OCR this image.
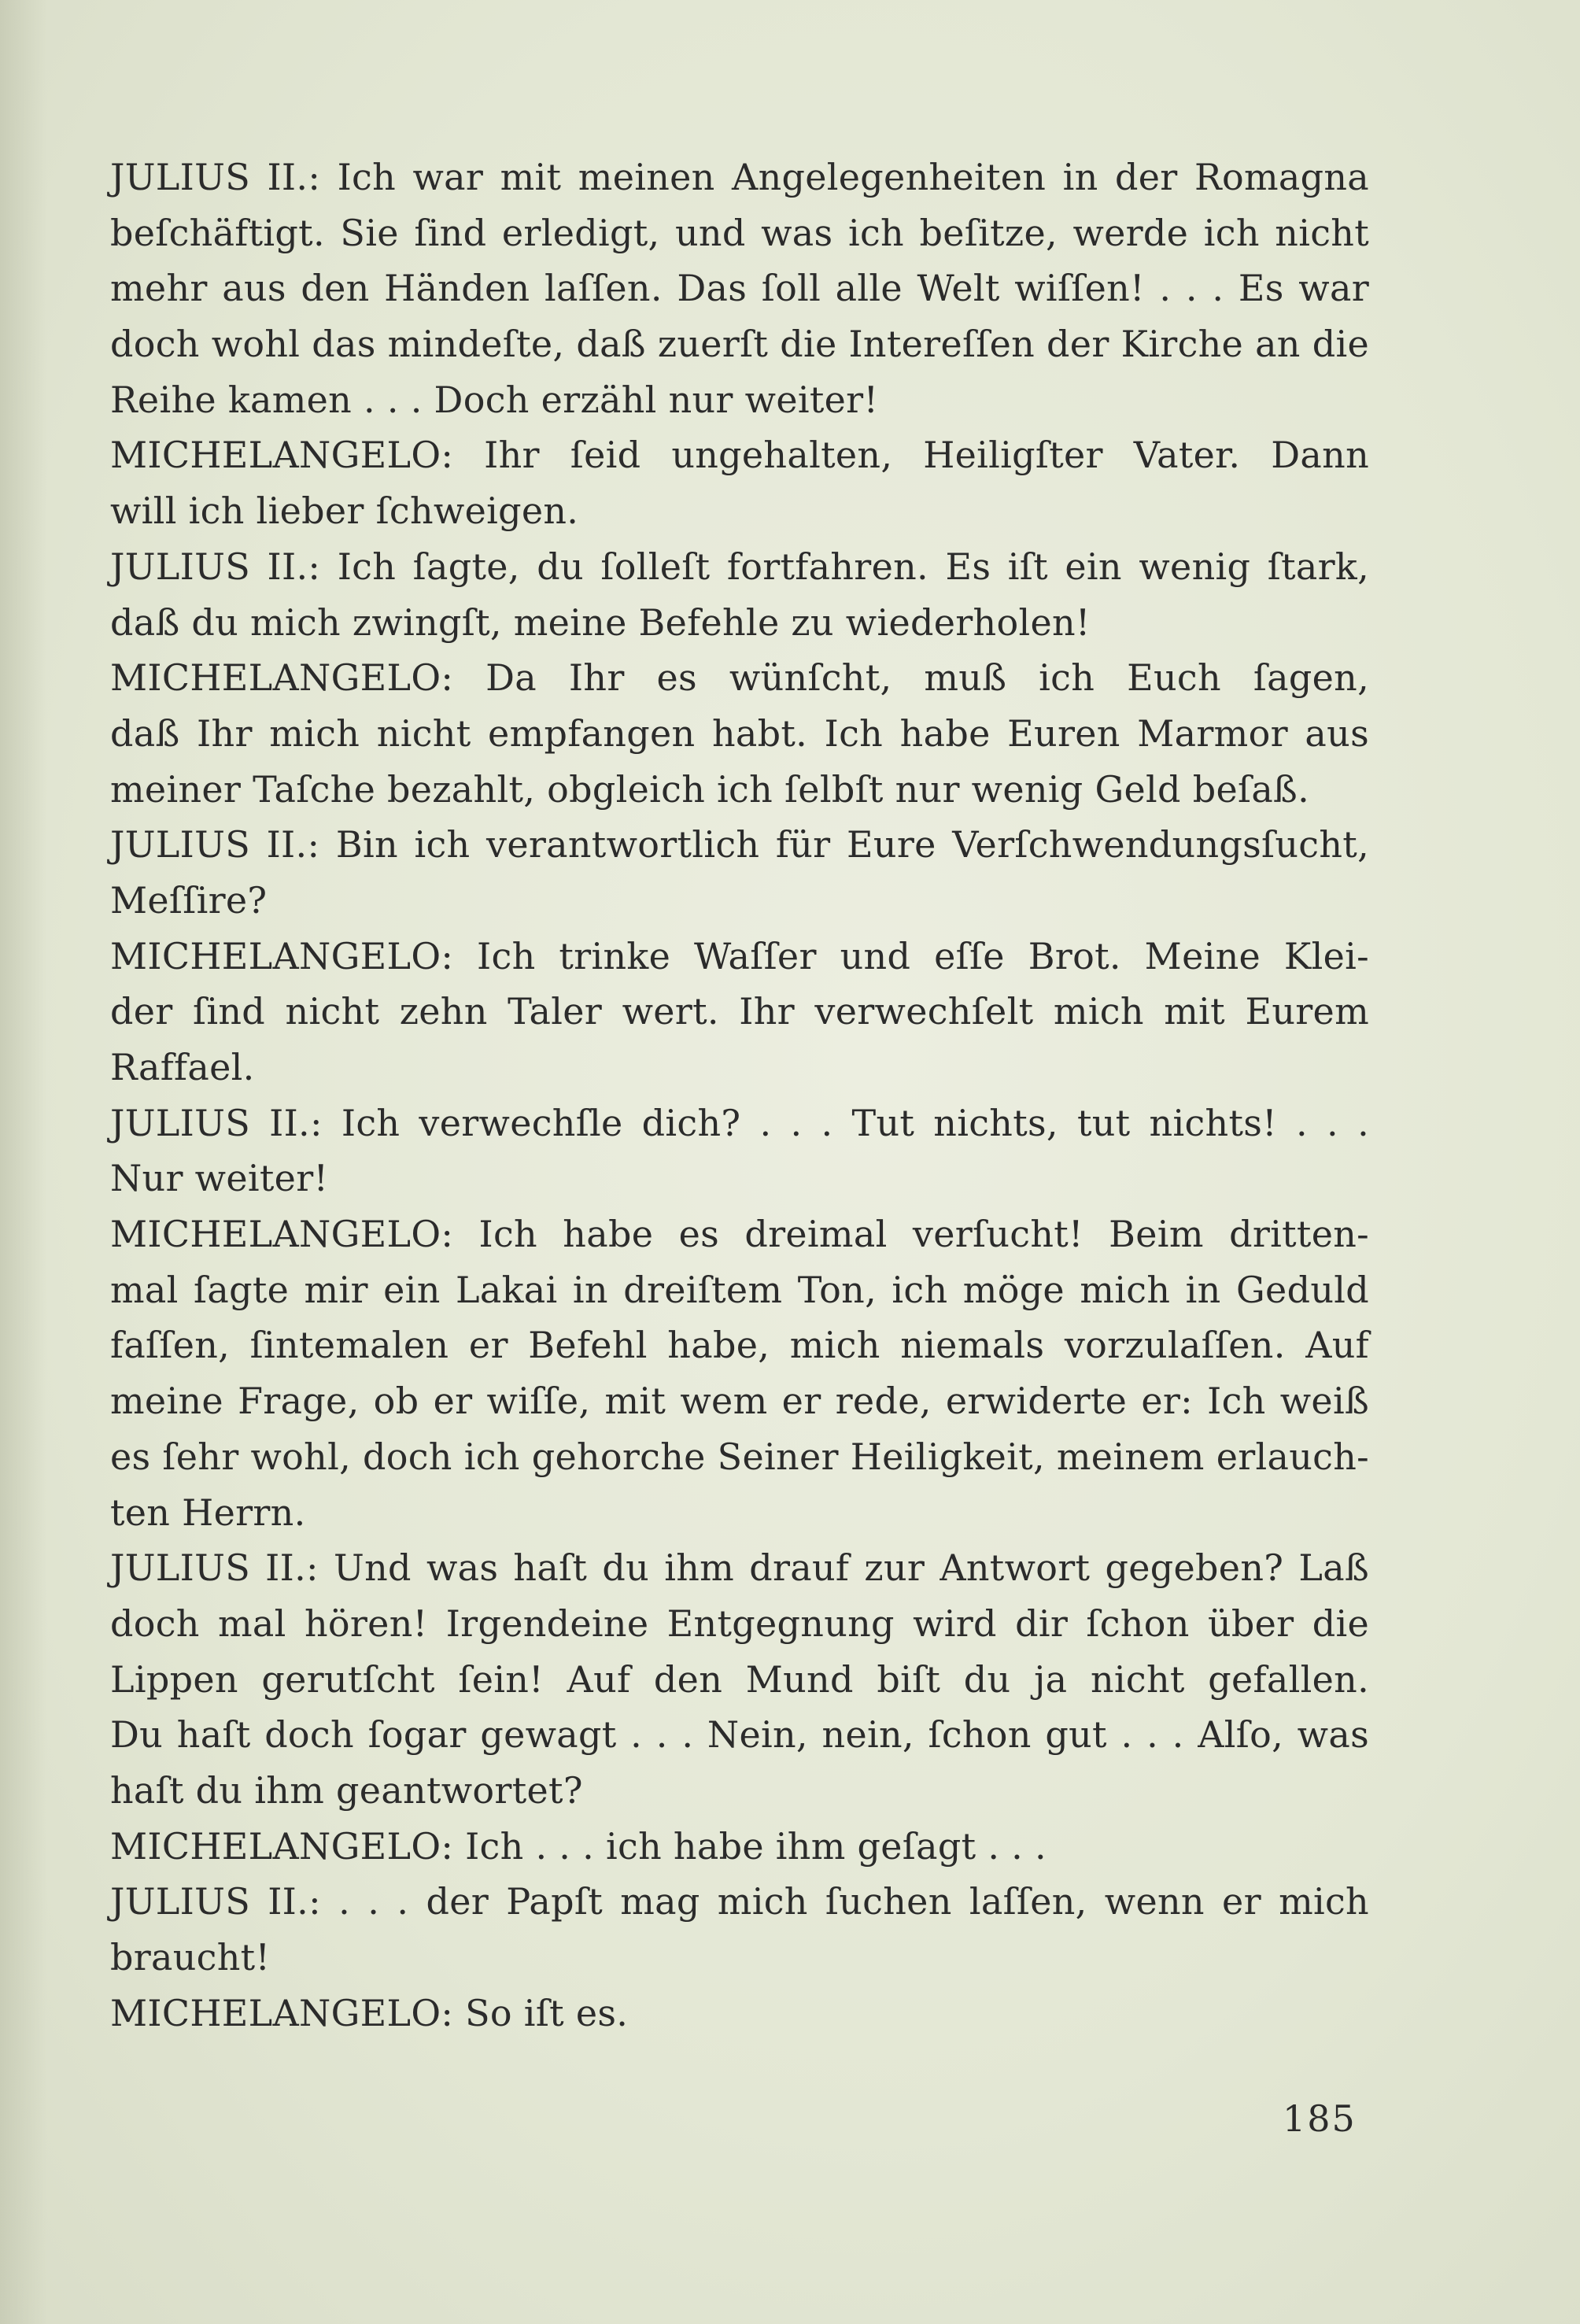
JULIUS II.: Ich war mit meinen Angelegenheiten in der Romagna
beſchäftigt. Sie ſind erledigt, und was ich beſitze, werde ich nicht
mehr aus den Händen laſſen. Das ſoll alle Welt wiſſen! . . . Es war
doch wohl das mindeſte, daß zuerſt die Intereſſen der Kirche an die
Reihe kamen . . . Doch erzähl nur weiter!
MICHELANGELO: Ihr ſeid ungehalten, Heiligſter Vater. Dann
will ich lieber ſchweigen.
JULIUS II.: Ich ſagte, du ſolleſt fortfahren. Es iſt ein wenig ſtark,
daß du mich zwingſt, meine Befehle zu wiederholen!
MICHELANGELO: Da Ihr es wünſcht, muß ich Euch ſagen,
daß Ihr mich nicht empfangen habt. Ich habe Euren Marmor aus
meiner Taſche bezahlt, obgleich ich ſelbſt nur wenig Geld beſaß.
JULIUS II.: Bin ich verantwortlich für Eure Verſchwendungsſucht,
Meſſire?
MICHELANGELO: Ich trinke Waſſer und eſſe Brot. Meine Klei-
der ſind nicht zehn Taler wert. Ihr verwechſelt mich mit Eurem
Raffael.
JULIUS II.: Ich verwechſle dich? . . . Tut nichts, tut nichts! . . .
Nur weiter!
MICHELANGELO: Ich habe es dreimal verſucht! Beim dritten-
mal ſagte mir ein Lakai in dreiſtem Ton, ich möge mich in Geduld
faſſen, ſintemalen er Befehl habe, mich niemals vorzulaſſen. Auf
meine Frage, ob er wiſſe, mit wem er rede, erwiderte er: Ich weiß
es ſehr wohl, doch ich gehorche Seiner Heiligkeit, meinem erlauch-
ten Herrn.
JULIUS II.: Und was haſt du ihm drauf zur Antwort gegeben? Laß
doch mal hören! Irgendeine Entgegnung wird dir ſchon über die
Lippen gerutſcht ſein! Auf den Mund biſt du ja nicht gefallen.
Du haſt doch ſogar gewagt . . . Nein, nein, ſchon gut . . . Alſo, was
haſt du ihm geantwortet?
MICHELANGELO: Ich . . . ich habe ihm geſagt . . .
JULIUS II.: . . . der Papſt mag mich ſuchen laſſen, wenn er mich
braucht!
MICHELANGELO: So iſt es.
185
